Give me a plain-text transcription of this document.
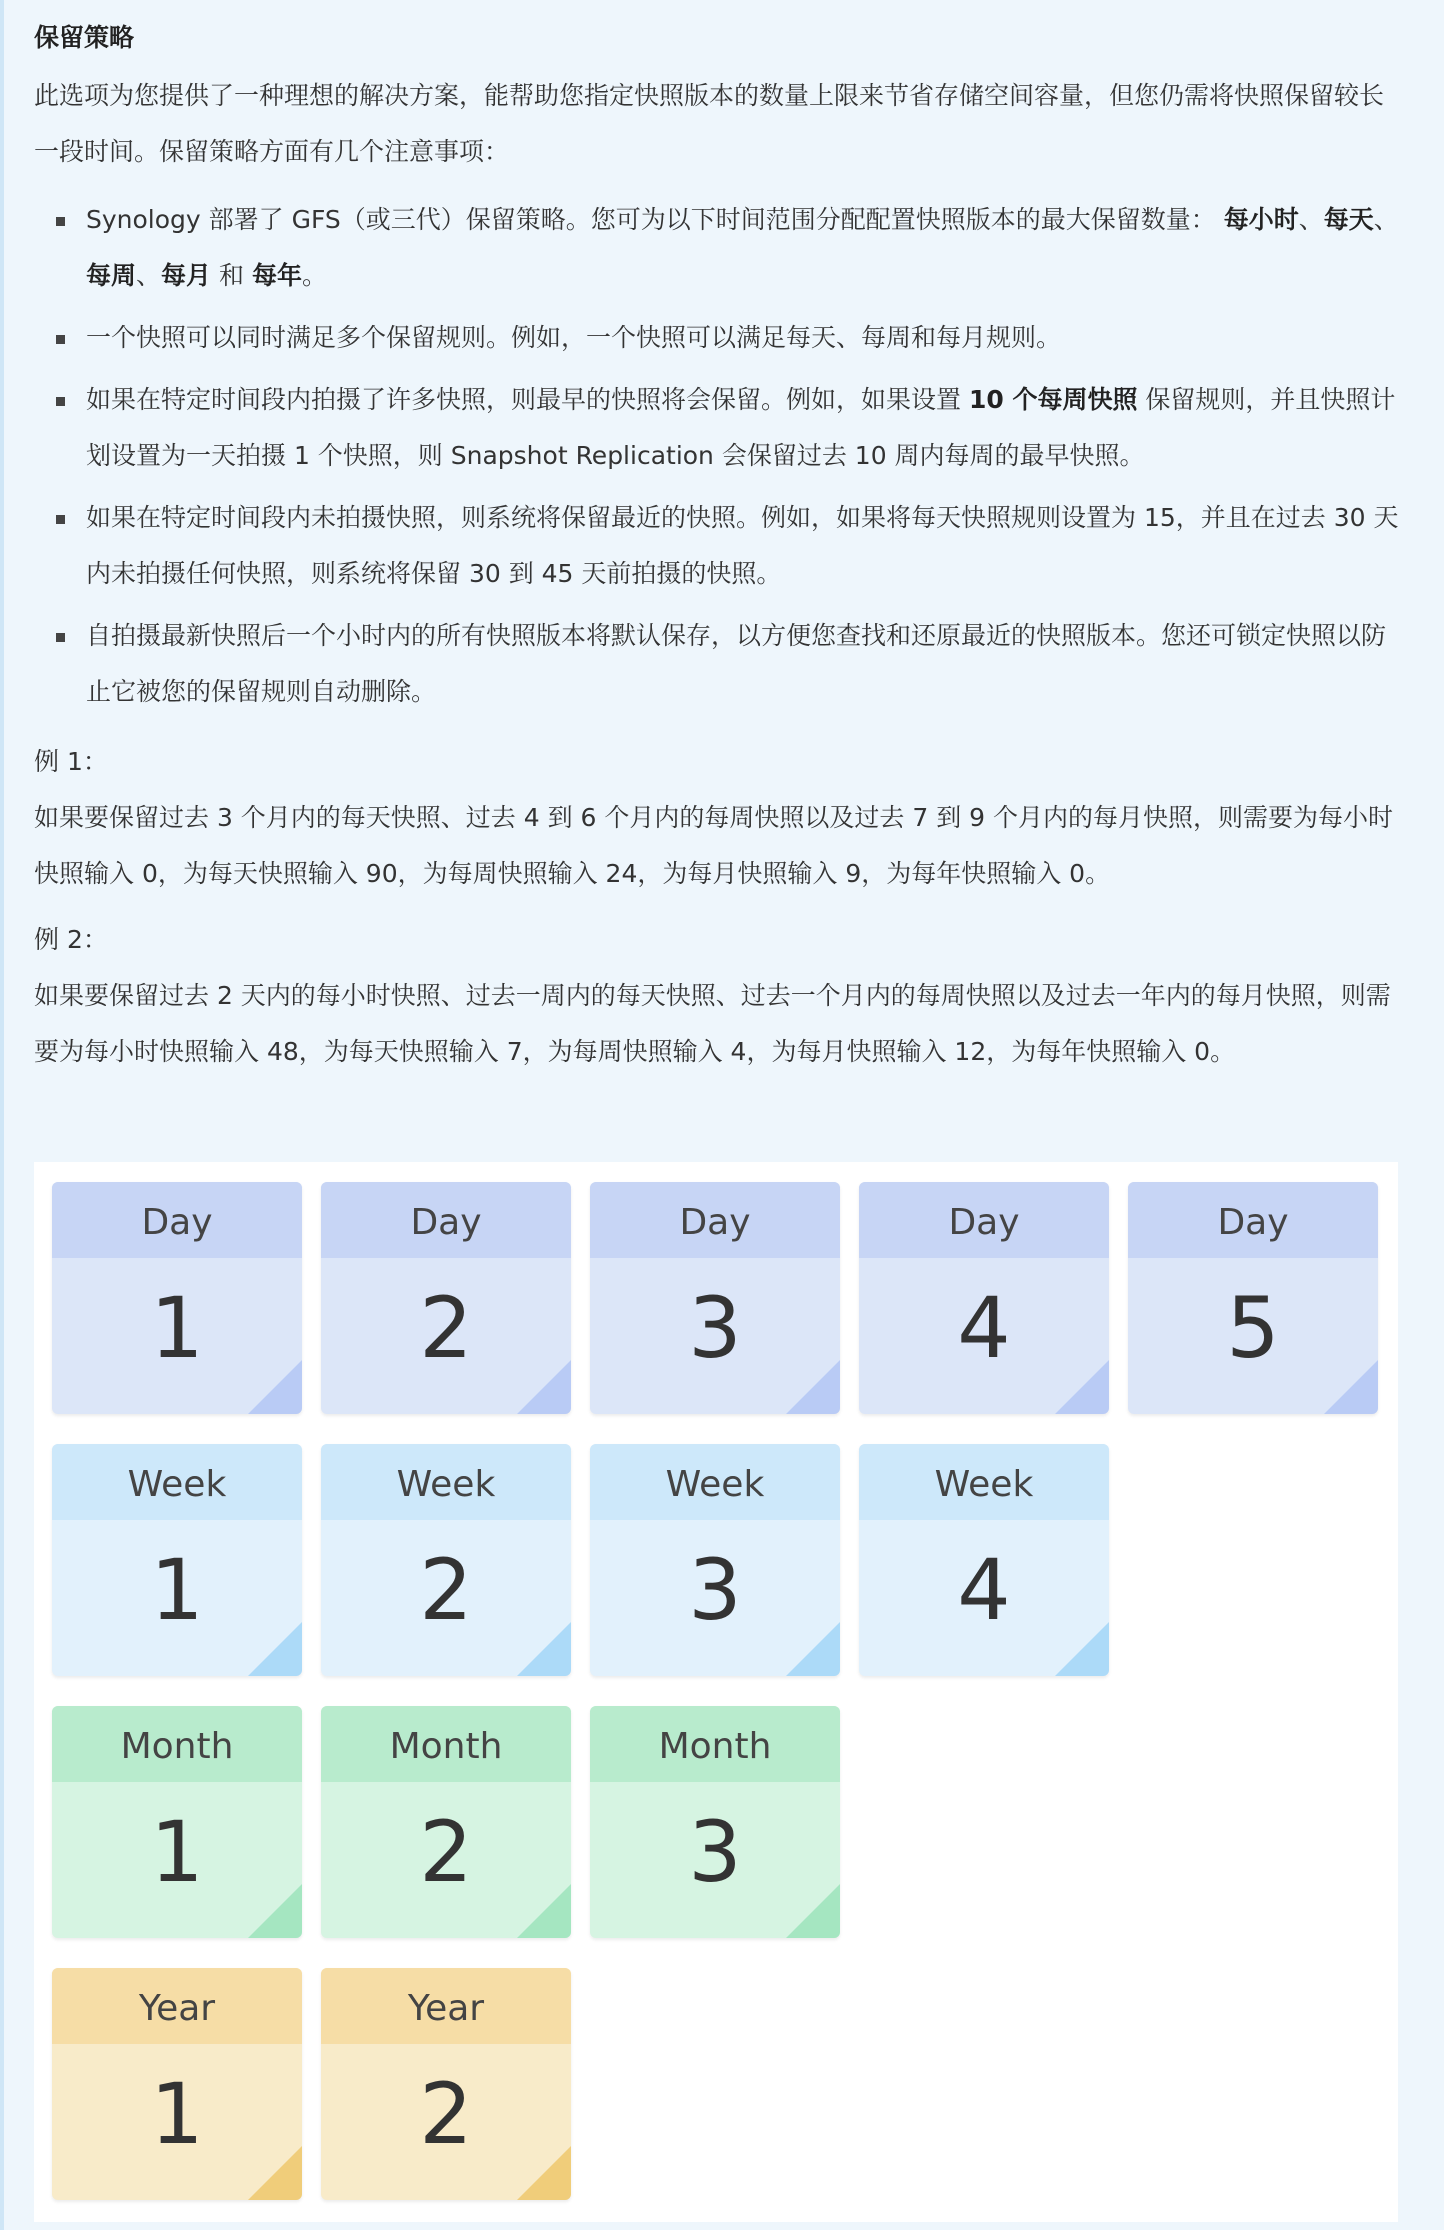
保留策略

此选项为您提供了一种理想的解决方案，能帮助您指定快照版本的数量上限来节省存储空间容量，但您仍需将快照保留较长一段时间。保留策略方面有几个注意事项：

Synology 部署了 GFS（或三代）保留策略。您可为以下时间范围分配配置快照版本的最大保留数量： 每小时、每天、每周、每月 和 每年。
一个快照可以同时满足多个保留规则。例如，一个快照可以满足每天、每周和每月规则。
如果在特定时间段内拍摄了许多快照，则最早的快照将会保留。例如，如果设置 10 个每周快照 保留规则，并且快照计划设置为一天拍摄 1 个快照，则 Snapshot Replication 会保留过去 10 周内每周的最早快照。
如果在特定时间段内未拍摄快照，则系统将保留最近的快照。例如，如果将每天快照规则设置为 15，并且在过去 30 天内未拍摄任何快照，则系统将保留 30 到 45 天前拍摄的快照。
自拍摄最新快照后一个小时内的所有快照版本将默认保存，以方便您查找和还原最近的快照版本。您还可锁定快照以防止它被您的保留规则自动删除。

例 1：

如果要保留过去 3 个月内的每天快照、过去 4 到 6 个月内的每周快照以及过去 7 到 9 个月内的每月快照，则需要为每小时快照输入 0，为每天快照输入 90，为每周快照输入 24，为每月快照输入 9，为每年快照输入 0。

例 2：

如果要保留过去 2 天内的每小时快照、过去一周内的每天快照、过去一个月内的每周快照以及过去一年内的每月快照，则需要为每小时快照输入 48，为每天快照输入 7，为每周快照输入 4，为每月快照输入 12，为每年快照输入 0。

Day
1
Day
2
Day
3
Day
4
Day
5
Week
1
Week
2
Week
3
Week
4
Month
1
Month
2
Month
3
Year
1
Year
2
